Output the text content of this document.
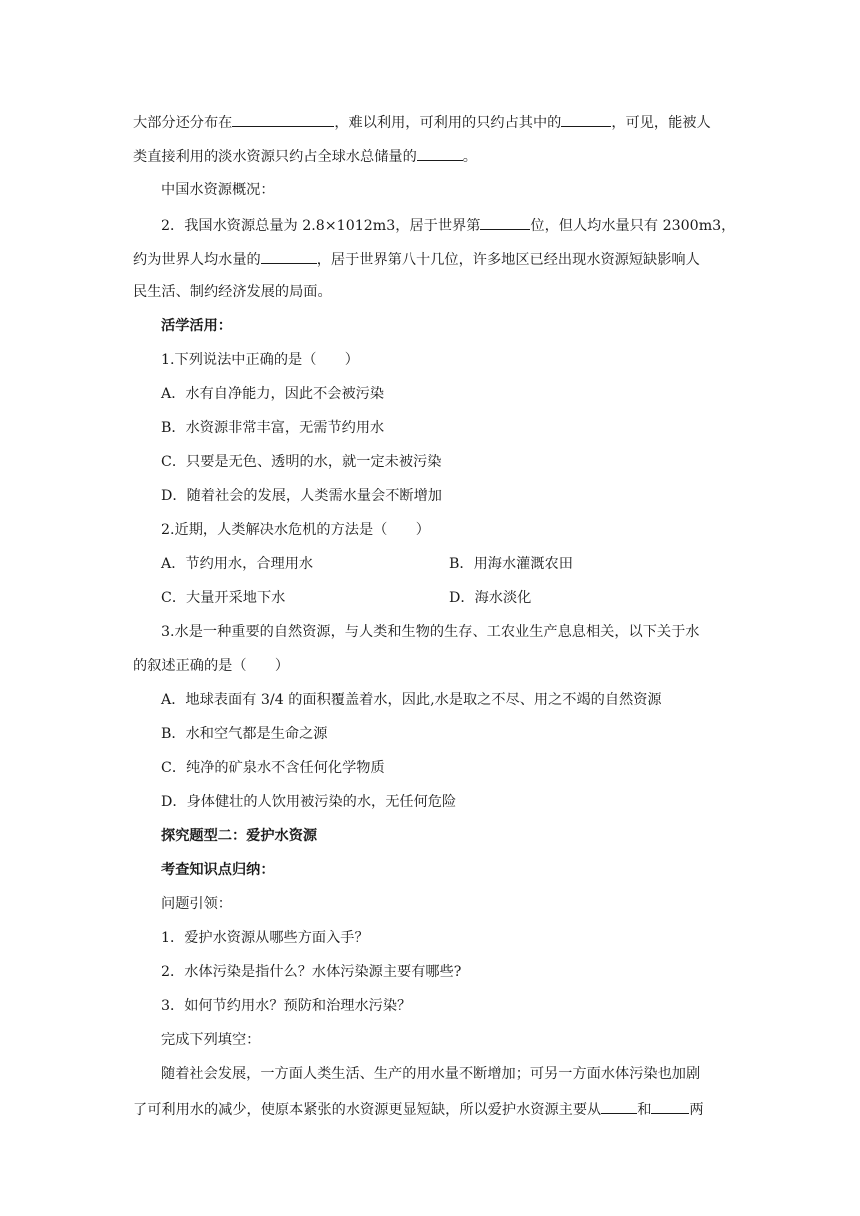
大部分还分布在	，难以利用，可利用的只约占其中的	，可见，能被人
类直接利用的淡水资源只约占全球水总储量的	。
中国水资源概况：
2．我国水资源总量为 2.8×1012m3，居于世界第	位，但人均水量只有 2300m3，
约为世界人均水量的	，居于世界第八十几位，许多地区已经出现水资源短缺影响人
民生活、制约经济发展的局面。
活学活用：
1.下列说法中正确的是（　　）
A．水有自净能力，因此不会被污染
B．水资源非常丰富，无需节约用水
C．只要是无色、透明的水，就一定未被污染
D．随着社会的发展，人类需水量会不断增加
2.近期，人类解决水危机的方法是（　　）
A．节约用水，合理用水	B．用海水灌溉农田
C．大量开采地下水	D．海水淡化
3.水是一种重要的自然资源，与人类和生物的生存、工农业生产息息相关，以下关于水
的叙述正确的是（　　）
A．地球表面有 3/4 的面积覆盖着水，因此,水是取之不尽、用之不竭的自然资源
B．水和空气都是生命之源
C．纯净的矿泉水不含任何化学物质
D．身体健壮的人饮用被污染的水，无任何危险
探究题型二：爱护水资源
考查知识点归纳：
问题引领：
1．爱护水资源从哪些方面入手？
2．水体污染是指什么？水体污染源主要有哪些?
3．如何节约用水？预防和治理水污染？
完成下列填空：
随着社会发展，一方面人类生活、生产的用水量不断增加；可另一方面水体污染也加剧
了可利用水的减少，使原本紧张的水资源更显短缺，所以爱护水资源主要从	和	两
